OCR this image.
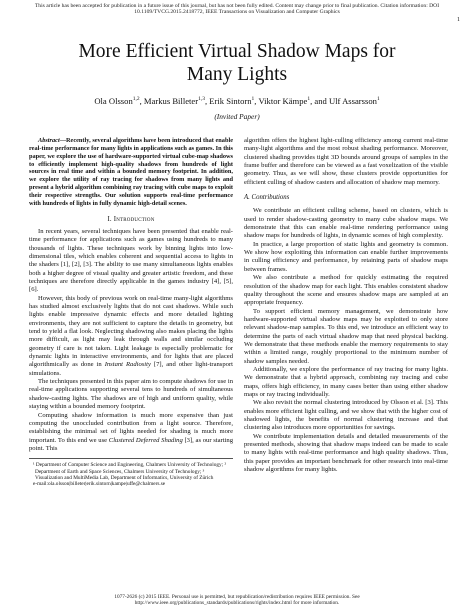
This article has been accepted for publication in a future issue of this journal, but has not been fully edited. Content may change prior to final publication. Citation information: DOI
10.1109/TVCG.2015.2418772, IEEE Transactions on Visualization and Computer Graphics
1
More Efficient Virtual Shadow Maps for
Many Lights
Ola Olsson$^{1,2}$, Markus Billeter$^{1,3}$, Erik Sintorn$^1$, Viktor Kämpe$^1$, and Ulf Assarsson$^1$
(Invited Paper)

Abstract—Recently, several algorithms have been introduced that enable real-time performance for many lights in applications such as games. In this paper, we explore the use of hardware-supported virtual cube-map shadows to efficiently implement high-quality shadows from hundreds of light sources in real time and within a bounded memory footprint. In addition, we explore the utility of ray tracing for shadows from many lights and present a hybrid algorithm combining ray tracing with cube maps to exploit their respective strengths. Our solution supports real-time performance with hundreds of lights in fully dynamic high-detail scenes.

I. Introduction

In recent years, several techniques have been presented that enable real-time performance for applications such as games using hundreds to many thousands of lights. These techniques work by binning lights into low-dimensional tiles, which enables coherent and sequential access to lights in the shaders [1], [2], [3]. The ability to use many simultaneous lights enables both a higher degree of visual quality and greater artistic freedom, and these techniques are therefore directly applicable in the games industry [4], [5], [6].

However, this body of previous work on real-time many-light algorithms has studied almost exclusively lights that do not cast shadows. While such lights enable impressive dynamic effects and more detailed lighting environments, they are not sufficient to capture the details in geometry, but tend to yield a flat look. Neglecting shadowing also makes placing the lights more difficult, as light may leak through walls and similar occluding geometry if care is not taken. Light leakage is especially problematic for dynamic lights in interactive environments, and for lights that are placed algorithmically as done in Instant Radiosity [7], and other light-transport simulations.

The techniques presented in this paper aim to compute shadows for use in real-time applications supporting several tens to hundreds of simultaneous shadow-casting lights. The shadows are of high and uniform quality, while staying within a bounded memory footprint.

Computing shadow information is much more expensive than just computing the unoccluded contribution from a light source. Therefore, establishing the minimal set of lights needed for shading is much more important. To this end we use Clustered Deferred Shading [3], as our starting point. This

¹ Department of Computer Science and Engineering, Chalmers University of Technology; ² Department of Earth and Space Sciences, Chalmers University of Technology; ³ Visualization and MultiMedia Lab, Department of Informatics, University of Zürich
e-mail:ola.olsson|billeter|erik.sintorn|kampe|uffe@chalmers.se

algorithm offers the highest light-culling efficiency among current real-time many-light algorithms and the most robust shading performance. Moreover, clustered shading provides tight 3D bounds around groups of samples in the frame buffer and therefore can be viewed as a fast voxelization of the visible geometry. Thus, as we will show, these clusters provide opportunities for efficient culling of shadow casters and allocation of shadow map memory.

A. Contributions

We contribute an efficient culling scheme, based on clusters, which is used to render shadow-casting geometry to many cube shadow maps. We demonstrate that this can enable real-time rendering performance using shadow maps for hundreds of lights, in dynamic scenes of high complexity.

In practice, a large proportion of static lights and geometry is common. We show how exploiting this information can enable further improvements in culling efficiency and performance, by retaining parts of shadow maps between frames.

We also contribute a method for quickly estimating the required resolution of the shadow map for each light. This enables consistent shadow quality throughout the scene and ensures shadow maps are sampled at an appropriate frequency.

To support efficient memory management, we demonstrate how hardware-supported virtual shadow maps may be exploited to only store relevant shadow-map samples. To this end, we introduce an efficient way to determine the parts of each virtual shadow map that need physical backing. We demonstrate that these methods enable the memory requirements to stay within a limited range, roughly proportional to the minimum number of shadow samples needed.

Additionally, we explore the performance of ray tracing for many lights. We demonstrate that a hybrid approach, combining ray tracing and cube maps, offers high efficiency, in many cases better than using either shadow maps or ray tracing individually.

We also revisit the normal clustering introduced by Olsson et al. [3]. This enables more efficient light culling, and we show that with the higher cost of shadowed lights, the benefits of normal clustering increase and that clustering also introduces more opportunities for savings.

We contribute implementation details and detailed measurements of the presented methods, showing that shadow maps indeed can be made to scale to many lights with real-time performance and high quality shadows. Thus, this paper provides an important benchmark for other research into real-time shadow algorithms for many lights.

1077-2626 (c) 2015 IEEE. Personal use is permitted, but republication/redistribution requires IEEE permission. See
http://www.ieee.org/publications_standards/publications/rights/index.html for more information.
